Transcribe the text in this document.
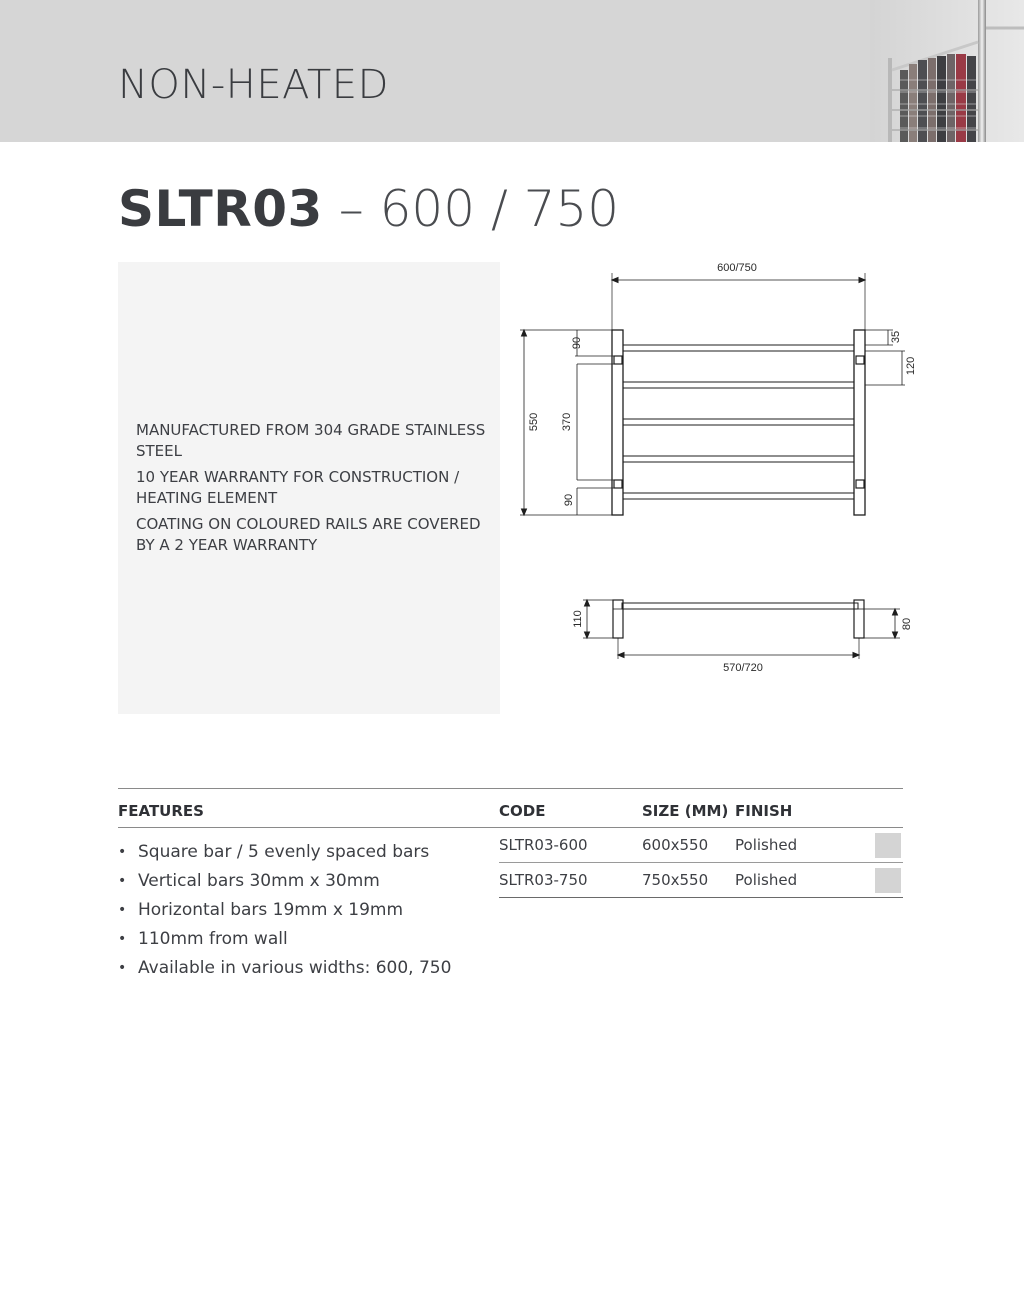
NON-HEATED
SLTR03 – 600 / 750
MANUFACTURED FROM 304 GRADE STAINLESS STEEL
10 YEAR WARRANTY FOR CONSTRUCTION / HEATING ELEMENT
COATING ON COLOURED RAILS ARE COVERED BY A 2 YEAR WARRANTY
600/750
550
90
370
90
35
120
110	80
570/720
FEATURES	CODE	SIZE (MM) FINISH
• Square bar / 5 evenly spaced bars
• Vertical bars 30mm x 30mm
• Horizontal bars 19mm x 19mm
• 110mm from wall
• Available in various widths: 600, 750
SLTR03-600	600x550 Polished
SLTR03-750	750x550 Polished
